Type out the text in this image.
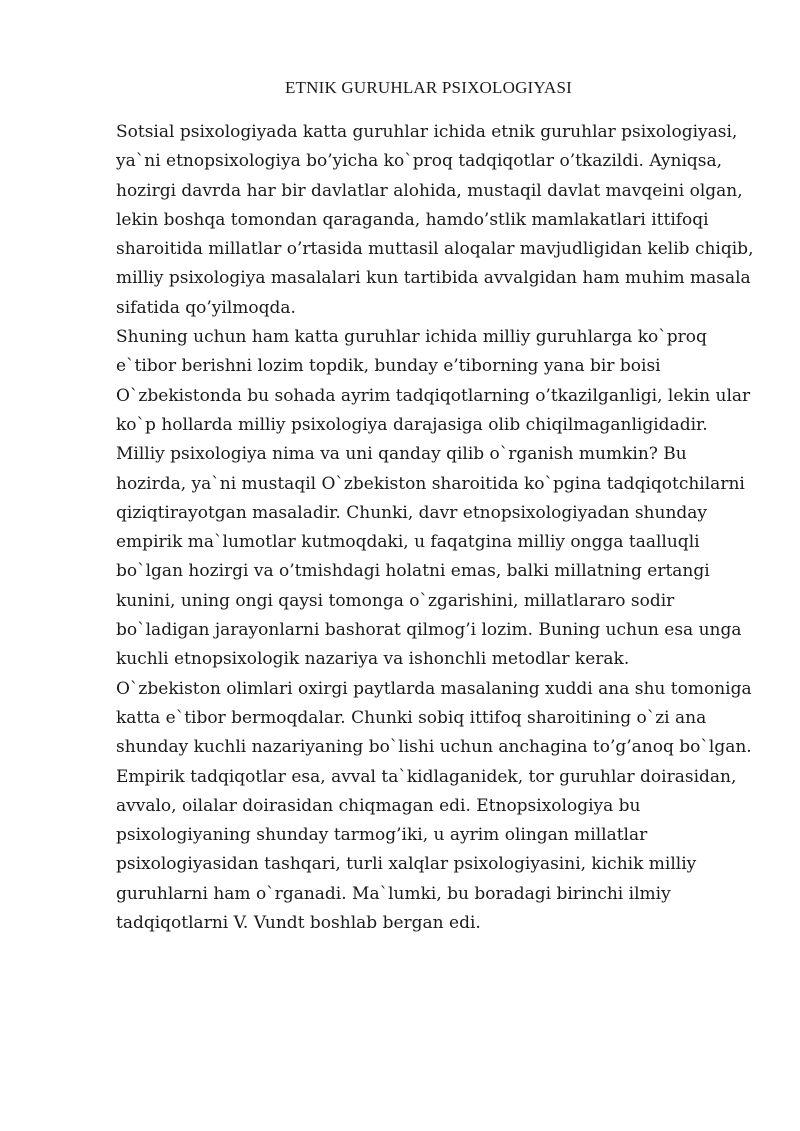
ETNIK GURUHLAR PSIXOLOGIYASI

Sotsial psixologiyada katta guruhlar ichida etnik guruhlar psixologiyasi, ya`ni etnopsixologiya bo’yicha ko`proq tadqiqotlar o’tkazildi. Ayniqsa, hozirgi davrda har bir davlatlar alohida, mustaqil davlat mavqeini olgan, lekin boshqa tomondan qaraganda, hamdo’stlik mamlakatlari ittifoqi sharoitida millatlar o’rtasida muttasil aloqalar mavjudligidan kelib chiqib, milliy psixologiya masalalari kun tartibida avvalgidan ham muhim masala sifatida qo’yilmoqda.

Shuning uchun ham katta guruhlar ichida milliy guruhlarga ko`proq e`tibor berishni lozim topdik, bunday e’tiborning yana bir boisi O`zbekistonda bu sohada ayrim tadqiqotlarning o’tkazilganligi, lekin ular ko`p hollarda milliy psixologiya darajasiga olib chiqilmaganligidadir.

Milliy psixologiya nima va uni qanday qilib o`rganish mumkin? Bu hozirda, ya`ni mustaqil O`zbekiston sharoitida ko`pgina tadqiqotchilarni qiziqtirayotgan masaladir. Chunki, davr etnopsixologiyadan shunday empirik ma`lumotlar kutmoqdaki, u faqatgina milliy ongga taalluqli bo`lgan hozirgi va o’tmishdagi holatni emas, balki millatning ertangi kunini, uning ongi qaysi tomonga o`zgarishini, millatlararo sodir bo`ladigan jarayonlarni bashorat qilmog’i lozim. Buning uchun esa unga kuchli etnopsixologik nazariya va ishonchli metodlar kerak.

O`zbekiston olimlari oxirgi paytlarda masalaning xuddi ana shu tomoniga katta e`tibor bermoqdalar. Chunki sobiq ittifoq sharoitining o`zi ana shunday kuchli nazariyaning bo`lishi uchun anchagina to’g’anoq bo`lgan. Empirik tadqiqotlar esa, avval ta`kidlaganidek, tor guruhlar doirasidan, avvalo, oilalar doirasidan chiqmagan edi. Etnopsixologiya bu psixologiyaning shunday tarmog’iki, u ayrim olingan millatlar psixologiyasidan tashqari, turli xalqlar psixologiyasini, kichik milliy guruhlarni ham o`rganadi. Ma`lumki, bu boradagi birinchi ilmiy tadqiqotlarni V. Vundt boshlab bergan edi.
